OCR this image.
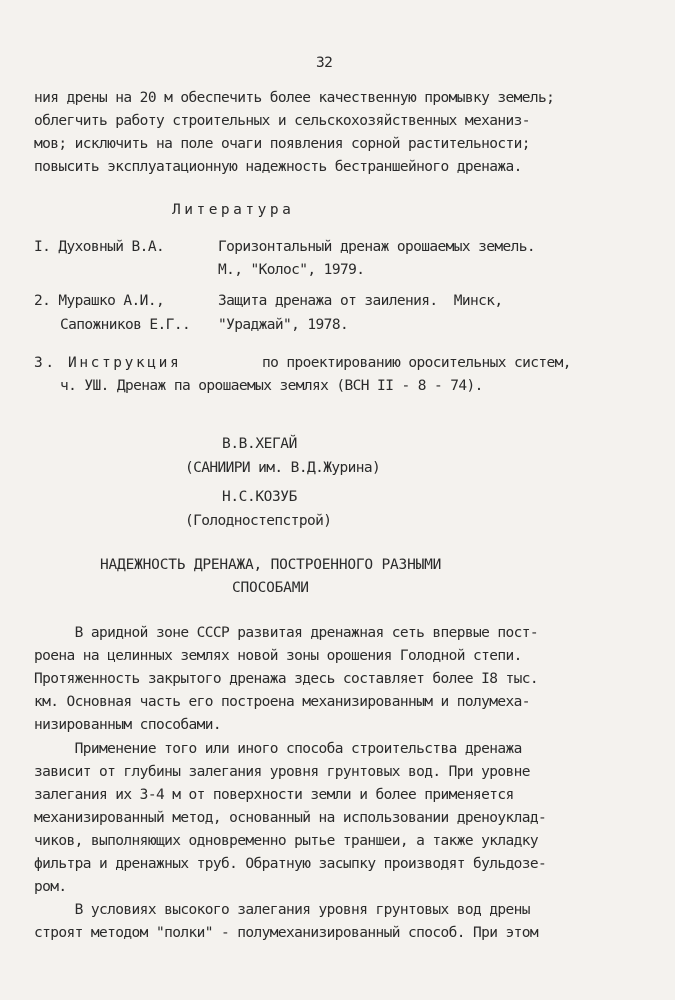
32
ния дрены на 20 м обеспечить более качественную промывку земель;
облегчить работу строительных и сельскохозяйственных механиз-
мов; исключить на поле очаги появления сорной растительности;
повысить эксплуатационную надежность бестраншейного дренажа.
Литература
I. Духовный В.А.	Горизонтальный дренаж орошаемых земель.
М., "Колос", 1979.
2. Мурашко А.И.,	Защита дренажа от заиления.  Минск,
Сапожников Е.Г.. "Ураджай", 1978.
3. Инструкция	по проектированию оросительных систем,
ч. УШ. Дренаж па орошаемых землях (ВСН II - 8 - 74).
В.В.ХЕГАЙ
(САНИИРИ им. В.Д.Журина)
Н.С.КОЗУБ
(Голодностепстрой)
НАДЕЖНОСТЬ ДРЕНАЖА, ПОСТРОЕННОГО РАЗНЫМИ
СПОСОБАМИ
В аридной зоне СССР развитая дренажная сеть впервые пост-
роена на целинных землях новой зоны орошения Голодной степи.
Протяженность закрытого дренажа здесь составляет более I8 тыс.
км. Основная часть его построена механизированным и полумеха-
низированным способами.
Применение того или иного способа строительства дренажа
зависит от глубины залегания уровня грунтовых вод. При уровне
залегания их 3-4 м от поверхности земли и более применяется
механизированный метод, основанный на использовании дреноуклад-
чиков, выполняющих одновременно рытье траншеи, а также укладку
фильтра и дренажных труб. Обратную засыпку производят бульдозе-
ром.
В условиях высокого залегания уровня грунтовых вод дрены
строят методом "полки" - полумеханизированный способ. При этом
